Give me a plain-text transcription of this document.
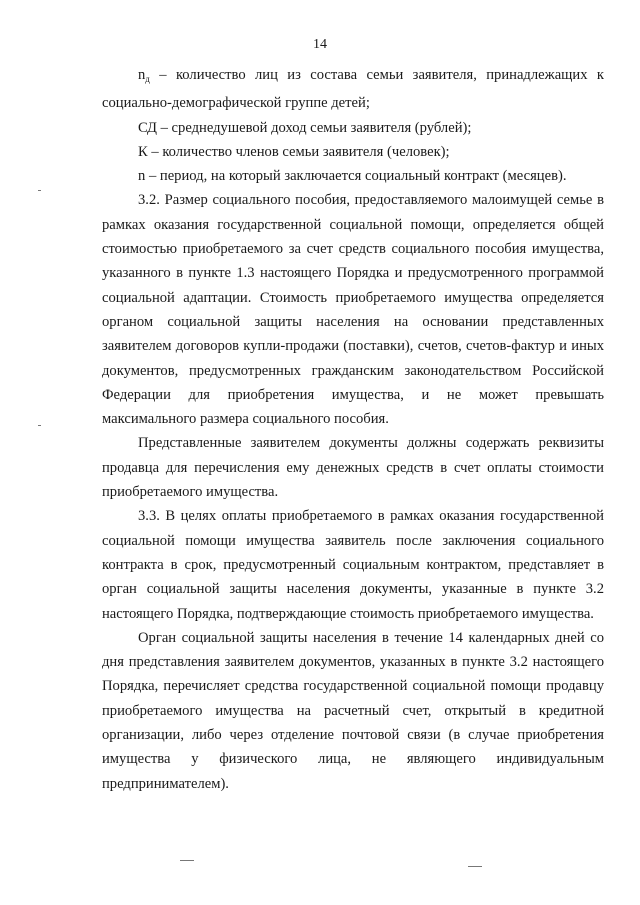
14

$n_д$ – количество лиц из состава семьи заявителя, принадлежащих к социально-демографической группе детей;

СД – среднедушевой доход семьи заявителя (рублей);

К – количество членов семьи заявителя (человек);

n – период, на который заключается социальный контракт (месяцев).

3.2. Размер социального пособия, предоставляемого малоимущей семье в рамках оказания государственной социальной помощи, определяется общей стоимостью приобретаемого за счет средств социального пособия имущества, указанного в пункте 1.3 настоящего Порядка и предусмотренного программой социальной адаптации. Стоимость приобретаемого имущества определяется органом социальной защиты населения на основании представленных заявителем договоров купли-продажи (поставки), счетов, счетов-фактур и иных документов, предусмотренных гражданским законодательством Российской Федерации для приобретения имущества, и не может превышать максимального размера социального пособия.

Представленные заявителем документы должны содержать реквизиты продавца для перечисления ему денежных средств в счет оплаты стоимости приобретаемого имущества.

3.3. В целях оплаты приобретаемого в рамках оказания государственной социальной помощи имущества заявитель после заключения социального контракта в срок, предусмотренный социальным контрактом, представляет в орган социальной защиты населения документы, указанные в пункте 3.2 настоящего Порядка, подтверждающие стоимость приобретаемого имущества.

Орган социальной защиты населения в течение 14 календарных дней со дня представления заявителем документов, указанных в пункте 3.2 настоящего Порядка, перечисляет средства государственной социальной помощи продавцу приобретаемого имущества на расчетный счет, открытый в кредитной организации, либо через отделение почтовой связи (в случае приобретения имущества у физического лица, не являющего индивидуальным предпринимателем).
